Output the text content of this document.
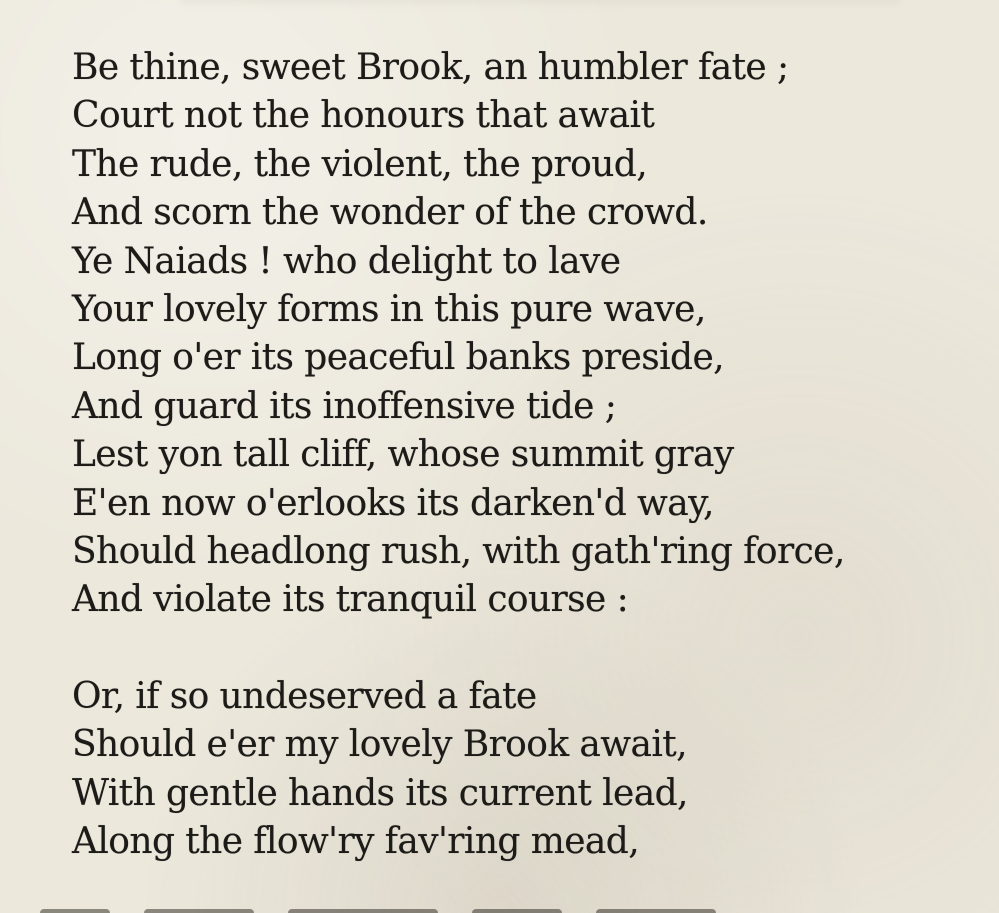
Be thine, sweet Brook, an humbler fate ;
Court not the honours that await
The rude, the violent, the proud,
And scorn the wonder of the crowd.
Ye Naiads ! who delight to lave
Your lovely forms in this pure wave,
Long o'er its peaceful banks preside,
And guard its inoffensive tide ;
Lest yon tall cliff, whose summit gray
E'en now o'erlooks its darken'd way,
Should headlong rush, with gath'ring force,
And violate its tranquil course :
Or, if so undeserved a fate
Should e'er my lovely Brook await,
With gentle hands its current lead,
Along the flow'ry fav'ring mead,
